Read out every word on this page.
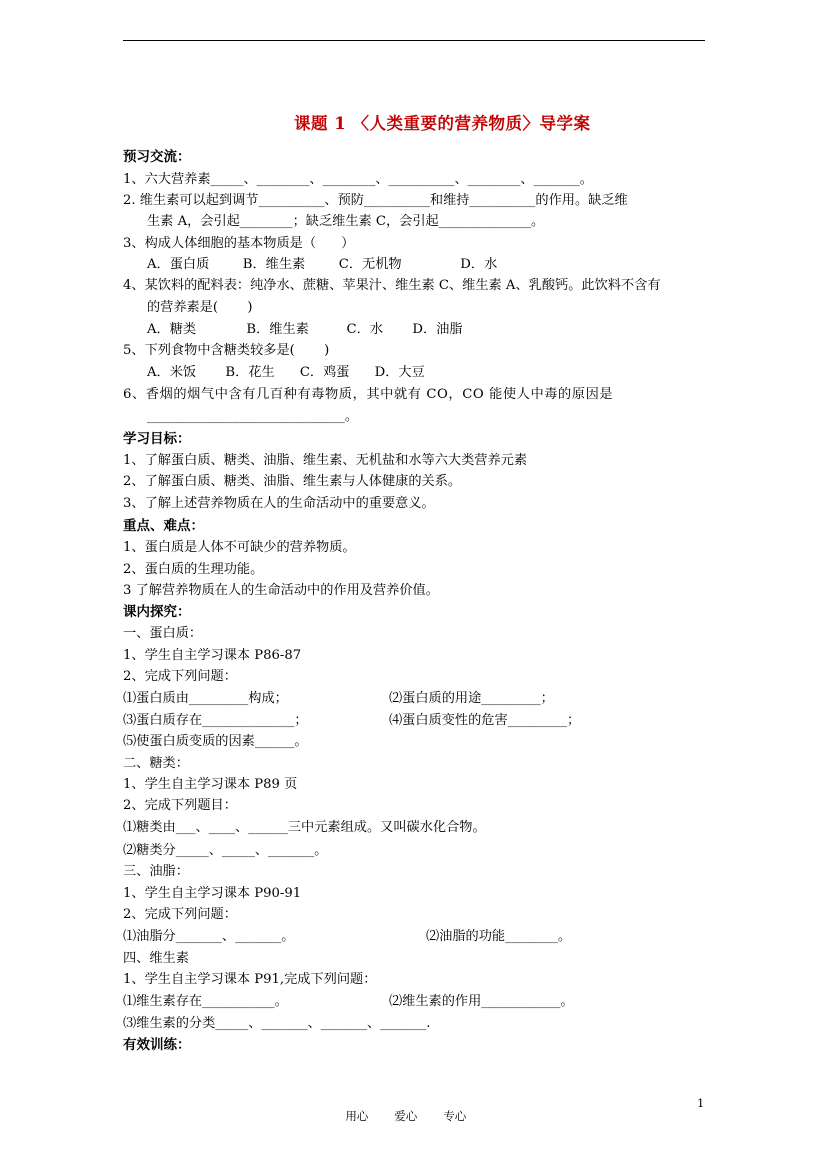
课题 1 〈人类重要的营养物质〉导学案
预习交流：
1、六大营养素_____、________、________、__________、________、_______。
2. 维生素可以起到调节__________、预防__________和维持__________的作用。缺乏维
生素 A，会引起________；缺乏维生素 C，会引起______________。
3、构成人体细胞的基本物质是（      ）
A．蛋白质        B．维生素        C．无机物              D．水
4、某饮料的配料表：纯净水、蔗糖、苹果汁、维生素 C、维生素 A、乳酸钙。此饮料不含有
的营养素是(       )
A．糖类            B．维生素         C．水       D．油脂
5、下列食物中含糖类较多是(       )
A．米饭       B．花生      C．鸡蛋      D．大豆
6、香烟的烟气中含有几百种有毒物质，其中就有 CO，CO 能使人中毒的原因是
______________________________。
学习目标：
1、了解蛋白质、糖类、油脂、维生素、无机盐和水等六大类营养元素
2、了解蛋白质、糖类、油脂、维生素与人体健康的关系。
3、了解上述营养物质在人的生命活动中的重要意义。
重点、难点：
1、蛋白质是人体不可缺少的营养物质。
2、蛋白质的生理功能。
3 了解营养物质在人的生命活动中的作用及营养价值。
课内探究：
一、蛋白质：
1、学生自主学习课本 P86-87
2、完成下列问题：
⑴蛋白质由_________构成；	⑵蛋白质的用途_________；
⑶蛋白质存在______________；	⑷蛋白质变性的危害_________；
⑸使蛋白质变质的因素______。
二、糖类：
1、学生自主学习课本 P89 页
2、完成下列题目：
⑴糖类由___、____、______三中元素组成。又叫碳水化合物。
⑵糖类分_____、_____、_______。
三、油脂：
1、学生自主学习课本 P90-91
2、完成下列问题：
⑴油脂分_______、_______。	⑵油脂的功能________。
四、维生素
1、学生自主学习课本 P91,完成下列问题：
⑴维生素存在___________。	⑵维生素的作用____________。
⑶维生素的分类_____、_______、_______、_______.
有效训练：

用心 爱心 专心

1
